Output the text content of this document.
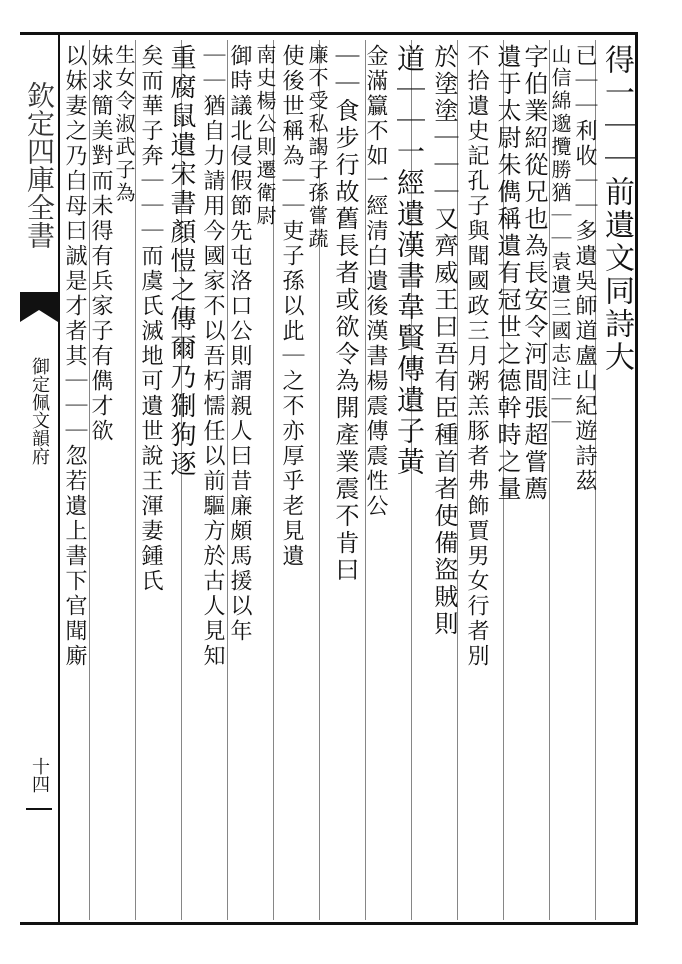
欽定四庫全書
御定佩文韻府
十四
得一｜｜前遺文同詩大
已｜｜利收｜｜多遺吳師道盧山紀遊詩茲
山信綿邈攬勝猶｜｜袁遺三國志注｜｜
字伯業紹從兄也為長安令河間張超嘗薦
遺于太尉朱儁稱遺有冠世之德幹時之量
不拾遺史記孔子與聞國政三月粥羔豚者弗飾賈男女行者別
於塗塗｜｜｜又齊威王曰吾有臣種首者使備盜賊則
道｜｜一經遺漢書韋賢傳遺子黃
金滿籯不如一經清白遺後漢書楊震傳震性公
｜｜食步行故舊長者或欲令為開產業震不肯曰
廉不受私謁子孫嘗蔬
使後世稱為｜｜吏子孫以此｜之不亦厚乎老見遺
南史楊公則遷衛尉
御時議北侵假節先屯洛口公則謂親人曰昔廉頗馬援以年
｜｜猶自力請用今國家不以吾朽懦任以前驅方於古人見知
重腐鼠遺宋書顏愷之傳爾乃猘狗逐
矣而華子奔｜｜｜而虞氏滅地可遺世說王渾妻鍾氏
生女令淑武子為
妹求簡美對而未得有兵家子有儁才欲
以妹妻之乃白母曰誠是才者其｜｜｜忽若遺上書下官聞廝
